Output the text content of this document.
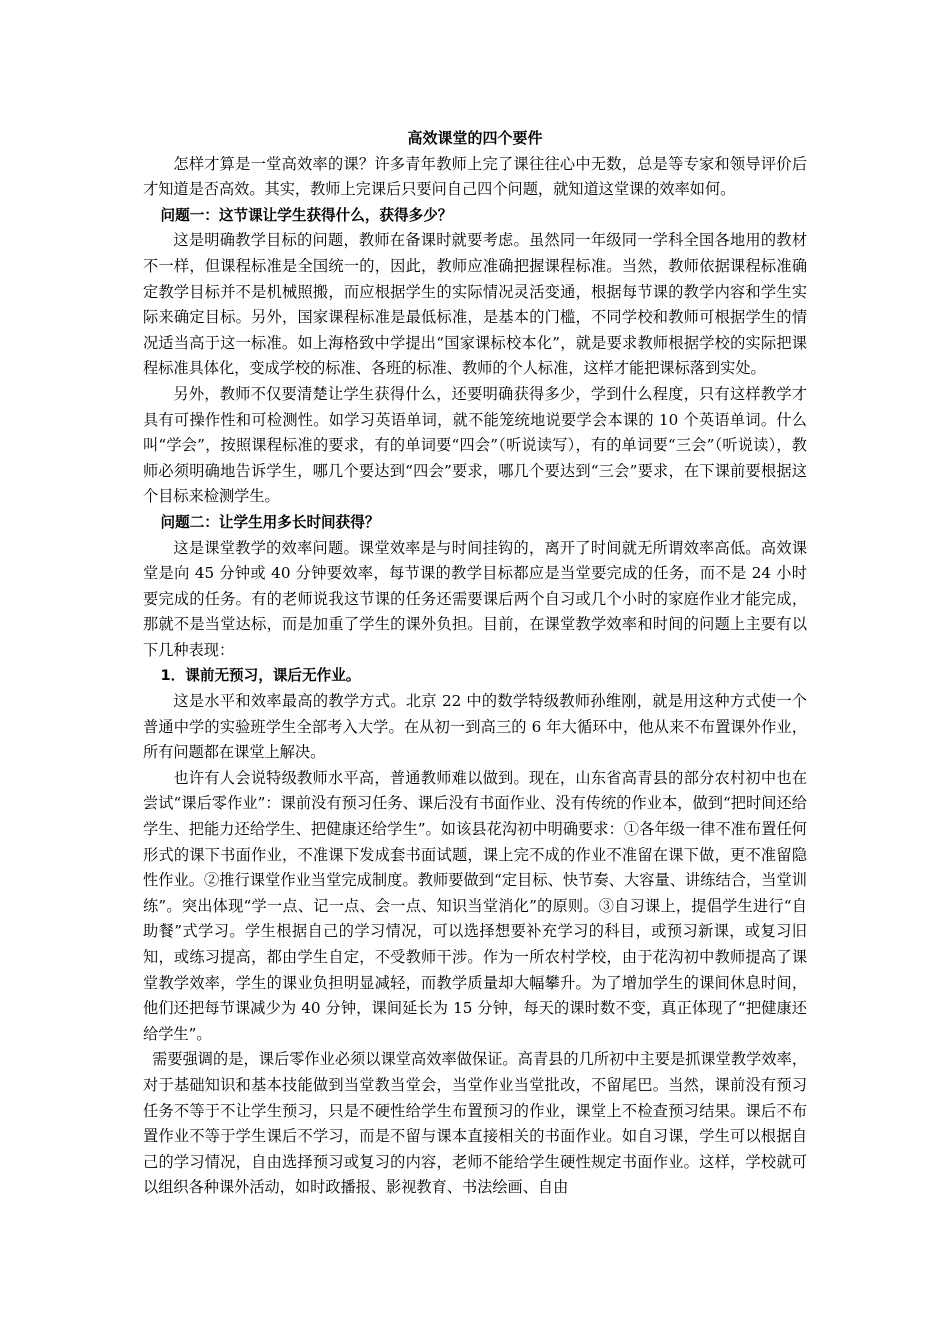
高效课堂的四个要件

怎样才算是一堂高效率的课？许多青年教师上完了课往往心中无数，总是等专家和领导评价后才知道是否高效。其实，教师上完课后只要问自己四个问题，就知道这堂课的效率如何。

问题一：这节课让学生获得什么，获得多少？

这是明确教学目标的问题，教师在备课时就要考虑。虽然同一年级同一学科全国各地用的教材不一样，但课程标准是全国统一的，因此，教师应准确把握课程标准。当然，教师依据课程标准确定教学目标并不是机械照搬，而应根据学生的实际情况灵活变通，根据每节课的教学内容和学生实际来确定目标。另外，国家课程标准是最低标准，是基本的门槛，不同学校和教师可根据学生的情况适当高于这一标准。如上海格致中学提出“国家课标校本化”，就是要求教师根据学校的实际把课程标准具体化，变成学校的标准、各班的标准、教师的个人标准，这样才能把课标落到实处。

另外，教师不仅要清楚让学生获得什么，还要明确获得多少，学到什么程度，只有这样教学才具有可操作性和可检测性。如学习英语单词，就不能笼统地说要学会本课的 10 个英语单词。什么叫“学会”，按照课程标准的要求，有的单词要“四会”（听说读写），有的单词要“三会”（听说读），教师必须明确地告诉学生，哪几个要达到“四会”要求，哪几个要达到“三会”要求，在下课前要根据这个目标来检测学生。

问题二：让学生用多长时间获得？

这是课堂教学的效率问题。课堂效率是与时间挂钩的，离开了时间就无所谓效率高低。高效课堂是向 45 分钟或 40 分钟要效率，每节课的教学目标都应是当堂要完成的任务，而不是 24 小时要完成的任务。有的老师说我这节课的任务还需要课后两个自习或几个小时的家庭作业才能完成，那就不是当堂达标，而是加重了学生的课外负担。目前，在课堂教学效率和时间的问题上主要有以下几种表现：

1．课前无预习，课后无作业。

这是水平和效率最高的教学方式。北京 22 中的数学特级教师孙维刚，就是用这种方式使一个普通中学的实验班学生全部考入大学。在从初一到高三的 6 年大循环中，他从来不布置课外作业，所有问题都在课堂上解决。

也许有人会说特级教师水平高，普通教师难以做到。现在，山东省高青县的部分农村初中也在尝试“课后零作业”：课前没有预习任务、课后没有书面作业、没有传统的作业本，做到“把时间还给学生、把能力还给学生、把健康还给学生”。如该县花沟初中明确要求：①各年级一律不准布置任何形式的课下书面作业，不准课下发成套书面试题，课上完不成的作业不准留在课下做，更不准留隐性作业。②推行课堂作业当堂完成制度。教师要做到“定目标、快节奏、大容量、讲练结合，当堂训练”。突出体现“学一点、记一点、会一点、知识当堂消化”的原则。③自习课上，提倡学生进行“自助餐”式学习。学生根据自己的学习情况，可以选择想要补充学习的科目，或预习新课，或复习旧知，或练习提高，都由学生自定，不受教师干涉。作为一所农村学校，由于花沟初中教师提高了课堂教学效率，学生的课业负担明显减轻，而教学质量却大幅攀升。为了增加学生的课间休息时间，他们还把每节课减少为 40 分钟，课间延长为 15 分钟，每天的课时数不变，真正体现了“把健康还给学生”。

需要强调的是，课后零作业必须以课堂高效率做保证。高青县的几所初中主要是抓课堂教学效率，对于基础知识和基本技能做到当堂教当堂会，当堂作业当堂批改，不留尾巴。当然，课前没有预习任务不等于不让学生预习，只是不硬性给学生布置预习的作业，课堂上不检查预习结果。课后不布置作业不等于学生课后不学习，而是不留与课本直接相关的书面作业。如自习课，学生可以根据自己的学习情况，自由选择预习或复习的内容，老师不能给学生硬性规定书面作业。这样，学校就可以组织各种课外活动，如时政播报、影视教育、书法绘画、自由
